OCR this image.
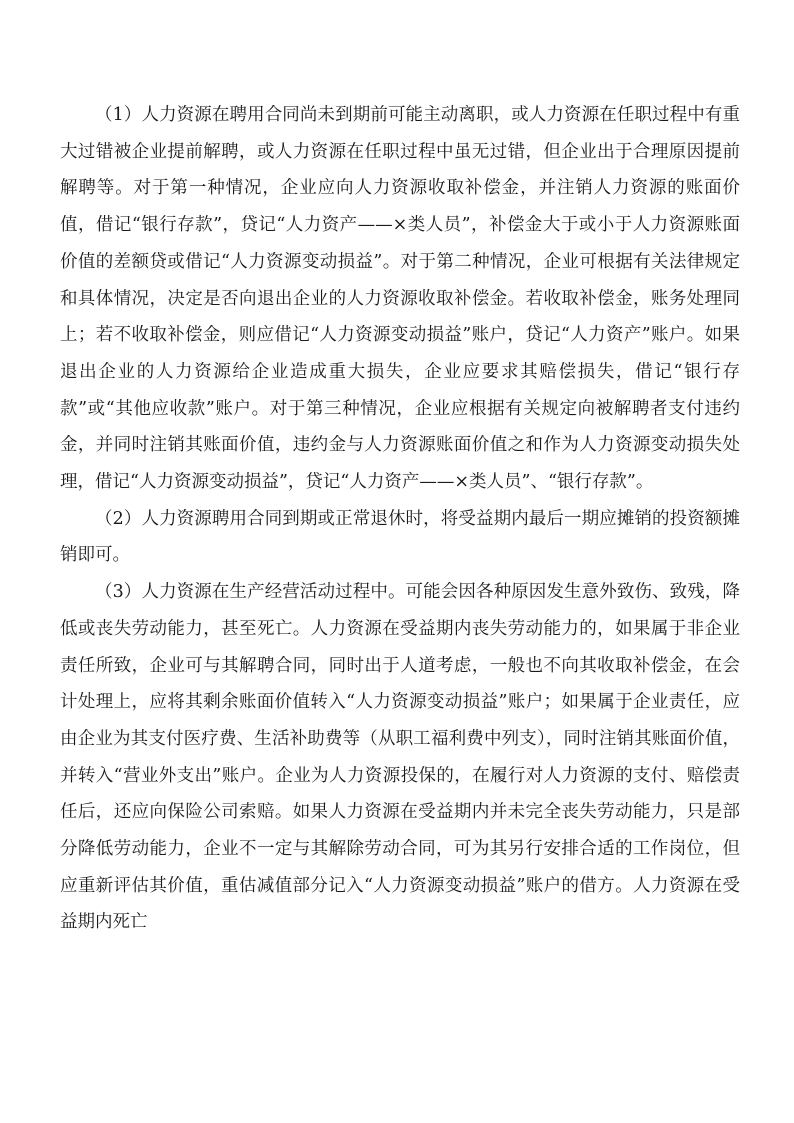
（1）人力资源在聘用合同尚未到期前可能主动离职，或人力资源在任职过程中有重大过错被企业提前解聘，或人力资源在任职过程中虽无过错，但企业出于合理原因提前解聘等。对于第一种情况，企业应向人力资源收取补偿金，并注销人力资源的账面价值，借记“银行存款”，贷记“人力资产——×类人员”，补偿金大于或小于人力资源账面价值的差额贷或借记“人力资源变动损益”。对于第二种情况，企业可根据有关法律规定和具体情况，决定是否向退出企业的人力资源收取补偿金。若收取补偿金，账务处理同上；若不收取补偿金，则应借记“人力资源变动损益”账户，贷记“人力资产”账户。如果退出企业的人力资源给企业造成重大损失，企业应要求其赔偿损失，借记“银行存款”或“其他应收款”账户。对于第三种情况，企业应根据有关规定向被解聘者支付违约金，并同时注销其账面价值，违约金与人力资源账面价值之和作为人力资源变动损失处理，借记“人力资源变动损益”，贷记“人力资产——×类人员”、“银行存款”。

（2）人力资源聘用合同到期或正常退休时，将受益期内最后一期应摊销的投资额摊销即可。

（3）人力资源在生产经营活动过程中。可能会因各种原因发生意外致伤、致残，降低或丧失劳动能力，甚至死亡。人力资源在受益期内丧失劳动能力的，如果属于非企业责任所致，企业可与其解聘合同，同时出于人道考虑，一般也不向其收取补偿金，在会计处理上，应将其剩余账面价值转入“人力资源变动损益”账户；如果属于企业责任，应由企业为其支付医疗费、生活补助费等（从职工福利费中列支），同时注销其账面价值，并转入“营业外支出”账户。企业为人力资源投保的，在履行对人力资源的支付、赔偿责任后，还应向保险公司索赔。如果人力资源在受益期内并未完全丧失劳动能力，只是部分降低劳动能力，企业不一定与其解除劳动合同，可为其另行安排合适的工作岗位，但应重新评估其价值，重估减值部分记入“人力资源变动损益”账户的借方。人力资源在受益期内死亡
